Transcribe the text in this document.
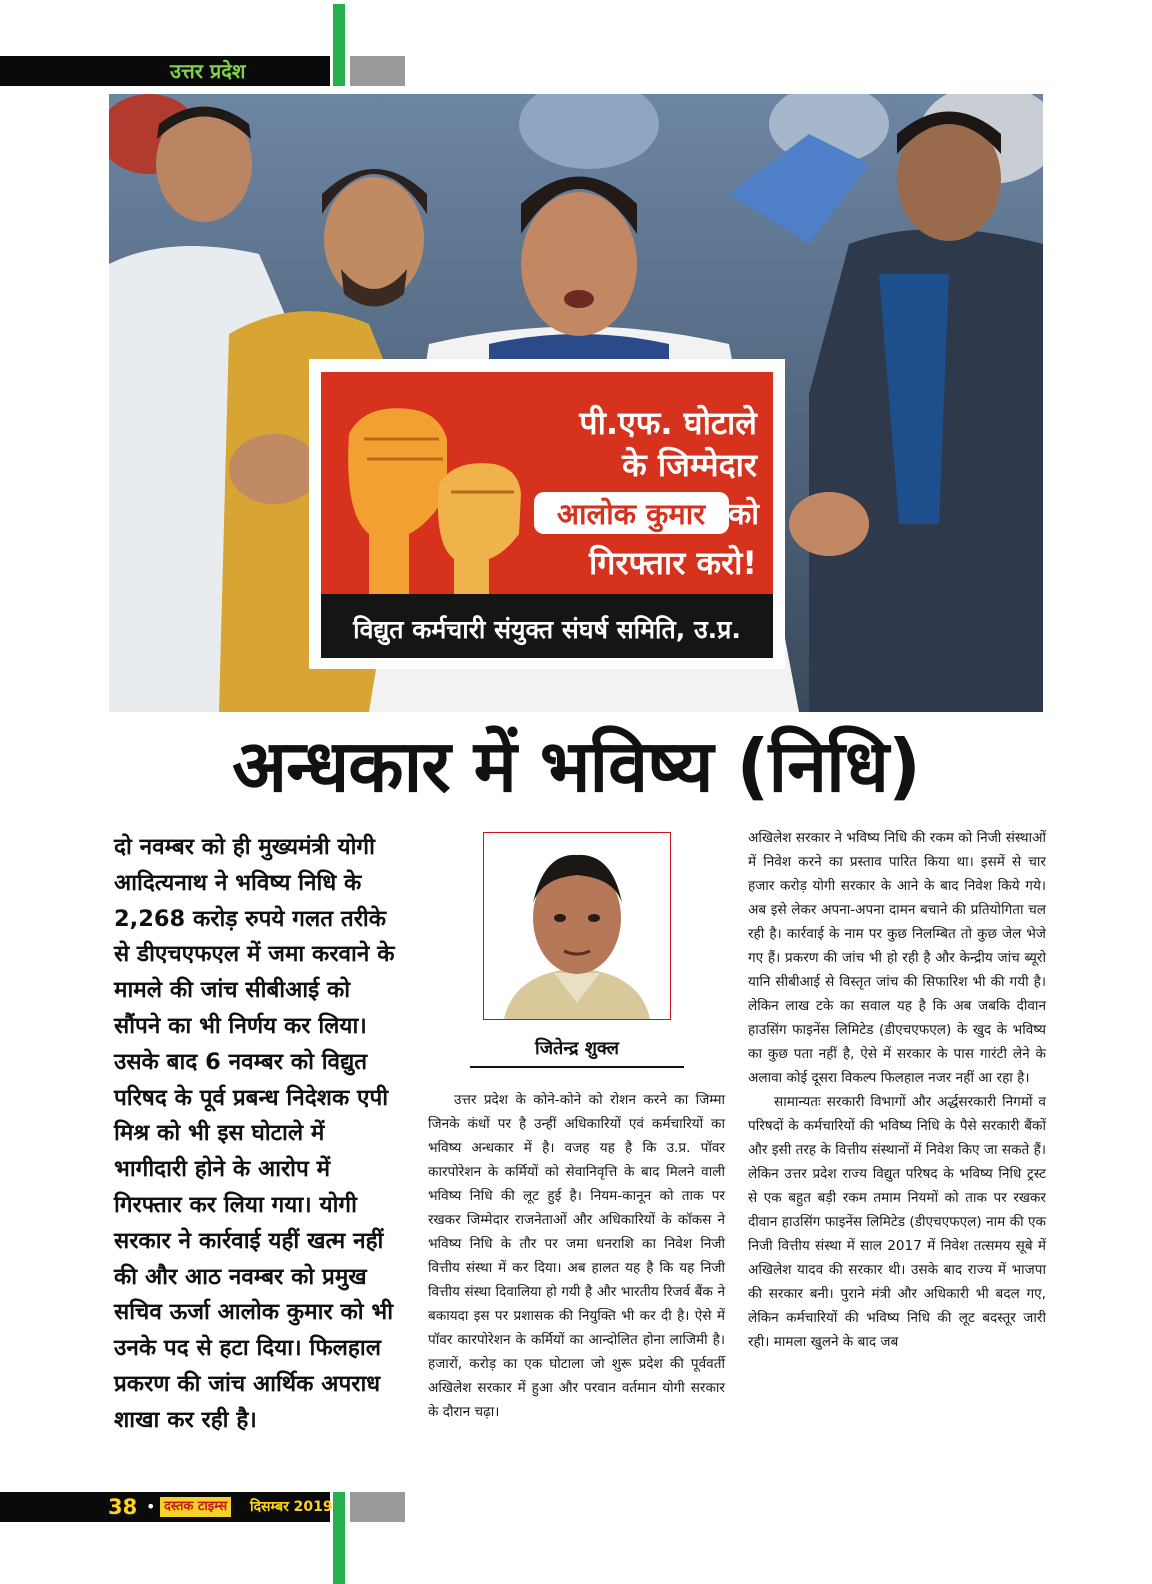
उत्तर प्रदेश
पी.एफ. घोटाले
के जिम्मेदार
आलोक कुमार को
गिरफ्तार करो!
विद्युत कर्मचारी संयुक्त संघर्ष समिति, उ.प्र.
अन्धकार में भविष्य (निधि)
दो नवम्बर को ही मुख्यमंत्री योगी आदित्यनाथ ने भविष्य निधि के 2,268 करोड़ रुपये गलत तरीके से डीएचएफएल में जमा करवाने के मामले की जांच सीबीआई को सौंपने का भी निर्णय कर लिया। उसके बाद 6 नवम्बर को विद्युत परिषद के पूर्व प्रबन्ध निदेशक एपी मिश्र को भी इस घोटाले में भागीदारी होने के आरोप में गिरफ्तार कर लिया गया। योगी सरकार ने कार्रवाई यहीं खत्म नहीं की और आठ नवम्बर को प्रमुख सचिव ऊर्जा आलोक कुमार को भी उनके पद से हटा दिया। फिलहाल प्रकरण की जांच आर्थिक अपराध शाखा कर रही है।
जितेन्द्र शुक्ल

उत्तर प्रदेश के कोने-कोने को रोशन करने का जिम्मा जिनके कंधों पर है उन्हीं अधिकारियों एवं कर्मचारियों का भविष्य अन्धकार में है। वजह यह है कि उ.प्र. पॉवर कारपोरेशन के कर्मियों को सेवानिवृत्ति के बाद मिलने वाली भविष्य निधि की लूट हुई है। नियम-कानून को ताक पर रखकर जिम्मेदार राजनेताओं और अधिकारियों के कॉकस ने भविष्य निधि के तौर पर जमा धनराशि का निवेश निजी वित्तीय संस्था में कर दिया। अब हालत यह है कि यह निजी वित्तीय संस्था दिवालिया हो गयी है और भारतीय रिजर्व बैंक ने बकायदा इस पर प्रशासक की नियुक्ति भी कर दी है। ऐसे में पॉवर कारपोरेशन के कर्मियों का आन्दोलित होना लाजिमी है। हजारों, करोड़ का एक घोटाला जो शुरू प्रदेश की पूर्ववर्ती अखिलेश सरकार में हुआ और परवान वर्तमान योगी सरकार के दौरान चढ़ा।

अखिलेश सरकार ने भविष्य निधि की रकम को निजी संस्थाओं में निवेश करने का प्रस्ताव पारित किया था। इसमें से चार हजार करोड़ योगी सरकार के आने के बाद निवेश किये गये। अब इसे लेकर अपना-अपना दामन बचाने की प्रतियोगिता चल रही है। कार्रवाई के नाम पर कुछ निलम्बित तो कुछ जेल भेजे गए हैं। प्रकरण की जांच भी हो रही है और केन्द्रीय जांच ब्यूरो यानि सीबीआई से विस्तृत जांच की सिफारिश भी की गयी है। लेकिन लाख टके का सवाल यह है कि अब जबकि दीवान हाउसिंग फाइनेंस लिमिटेड (डीएचएफएल) के खुद के भविष्य का कुछ पता नहीं है, ऐसे में सरकार के पास गारंटी लेने के अलावा कोई दूसरा विकल्प फिलहाल नजर नहीं आ रहा है।

सामान्यतः सरकारी विभागों और अर्द्धसरकारी निगमों व परिषदों के कर्मचारियों की भविष्य निधि के पैसे सरकारी बैंकों और इसी तरह के वित्तीय संस्थानों में निवेश किए जा सकते हैं। लेकिन उत्तर प्रदेश राज्य विद्युत परिषद के भविष्य निधि ट्रस्ट से एक बहुत बड़ी रकम तमाम नियमों को ताक पर रखकर दीवान हाउसिंग फाइनेंस लिमिटेड (डीएचएफएल) नाम की एक निजी वित्तीय संस्था में साल 2017 में निवेश तत्समय सूबे में अखिलेश यादव की सरकार थी। उसके बाद राज्य में भाजपा की सरकार बनी। पुराने मंत्री और अधिकारी भी बदल गए, लेकिन कर्मचारियों की भविष्य निधि की लूट बदस्तूर जारी रही। मामला खुलने के बाद जब

38 • दस्तक टाइम्स दिसम्बर 2019
